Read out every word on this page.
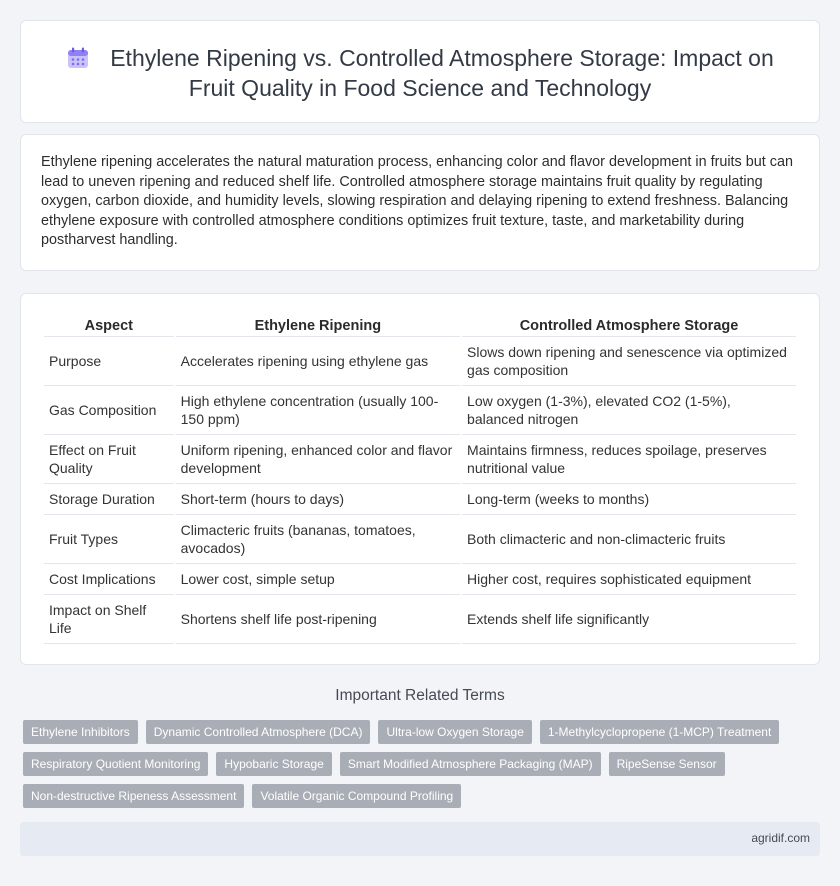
Ethylene Ripening vs. Controlled Atmosphere Storage: Impact on Fruit Quality in Food Science and Technology

Ethylene ripening accelerates the natural maturation process, enhancing color and flavor development in fruits but can lead to uneven ripening and reduced shelf life. Controlled atmosphere storage maintains fruit quality by regulating oxygen, carbon dioxide, and humidity levels, slowing respiration and delaying ripening to extend freshness. Balancing ethylene exposure with controlled atmosphere conditions optimizes fruit texture, taste, and marketability during postharvest handling.

Aspect	Ethylene Ripening	Controlled Atmosphere Storage
Purpose	Accelerates ripening using ethylene gas	Slows down ripening and senescence via optimized gas composition
Gas Composition	High ethylene concentration (usually 100-150 ppm)	Low oxygen (1-3%), elevated CO2 (1-5%), balanced nitrogen
Effect on Fruit Quality	Uniform ripening, enhanced color and flavor development	Maintains firmness, reduces spoilage, preserves nutritional value
Storage Duration	Short-term (hours to days)	Long-term (weeks to months)
Fruit Types	Climacteric fruits (bananas, tomatoes, avocados)	Both climacteric and non-climacteric fruits
Cost Implications	Lower cost, simple setup	Higher cost, requires sophisticated equipment
Impact on Shelf Life	Shortens shelf life post-ripening	Extends shelf life significantly
Important Related Terms
Ethylene Inhibitors	Dynamic Controlled Atmosphere (DCA)	Ultra-low Oxygen Storage	1-Methylcyclopropene (1-MCP) Treatment
Respiratory Quotient Monitoring	Hypobaric Storage	Smart Modified Atmosphere Packaging (MAP)	RipeSense Sensor
Non-destructive Ripeness Assessment	Volatile Organic Compound Profiling
agridif.com
